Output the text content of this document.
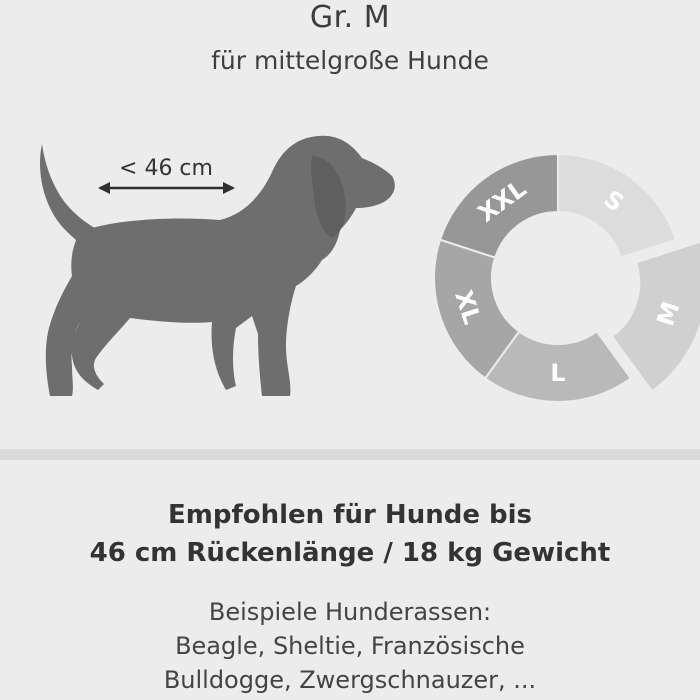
Gr. M
für mittelgroße Hunde
< 46 cm
S
M
L
XL
XXL
Empfohlen für Hunde bis
46 cm Rückenlänge / 18 kg Gewicht
Beispiele Hunderassen:
Beagle, Sheltie, Französische
Bulldogge, Zwergschnauzer, ...
